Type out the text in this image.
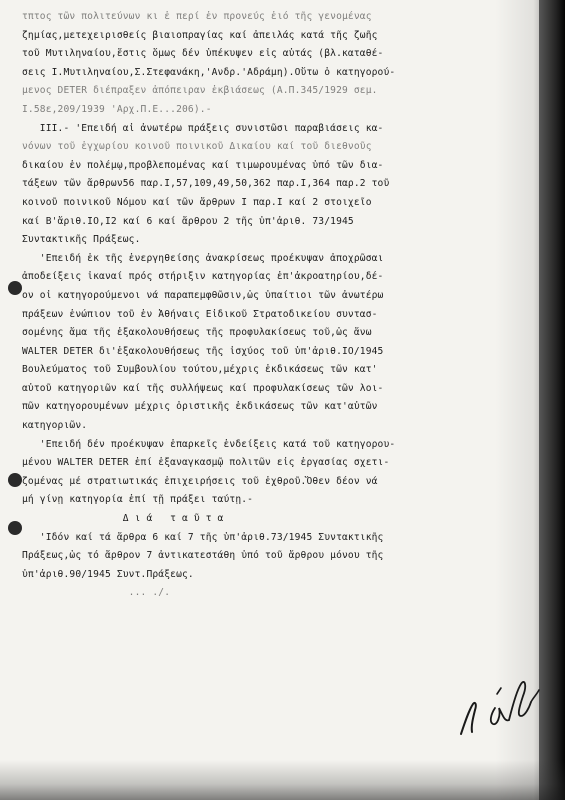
τπτος τῶν πολιτεύνων κι ἐ περί ἐν προνεύς ἐιό τῆς γενομένας
ζημίας,μετεχειρισθείς βιαιοπραγίας καί ἀπειλάς κατά τῆς ζωῆς
τοῦ Μυτιληναίου,ἔστις ὅμως δέν ὑπέκυψεν εἰς αὐτάς (βλ.καταθέ-
σεις Ι.Μυτιληναίου,Σ.Στεφανάκη,'Ανδρ.'Αδράμη).Οὕτω ὁ κατηγορού-
μενος DETER διέπραξεν ἀπόπειραν ἐκβιάσεως (Α.Π.345/1929 σεμ.
Ι.58ε,209/1939 'Αρχ.Π.Ε...206).-
ΙΙΙ.- 'Επειδή αἱ ἀνωτέρω πράξεις συνιστῶσι παραβιάσεις κα-
νόνων τοῦ ἐγχωρίου κοινοῦ ποινικοῦ Δικαίου καί τοῦ διεθνοῦς
δικαίου ἐν πολέμῳ,προβλεπομένας καί τιμωρουμένας ὑπό τῶν δια-
τάξεων τῶν ἄρθρων56 παρ.Ι,57,109,49,50,362 παρ.Ι,364 παρ.2 τοῦ
κοινοῦ ποινικοῦ Νόμου καί τῶν ἄρθρων Ι παρ.Ι καί 2 στοιχεῖο
καί Β'ἄριθ.ΙΟ,Ι2 καί 6 καί ἄρθρου 2 τῆς ὑπ'ἀριθ. 73/1945
Συντακτικῆς Πράξεως.
'Επειδή ἐκ τῆς ἐνεργηθείσης ἀνακρίσεως προέκυψαν ἀποχρῶσαι
ἀποδείξεις ἱκαναί πρός στήριξιν κατηγορίας ἐπ'ἀκροατηρίου,δέ-
ον οἱ κατηγορούμενοι νά παραπεμφθῶσιν,ὡς ὑπαίτιοι τῶν ἀνωτέρω
πράξεων ἐνώπιον τοῦ ἐν Ἀθήναις Εἰδικοῦ Στρατοδικείου συντασ-
σομένης ἅμα τῆς ἐξακολουθήσεως τῆς προφυλακίσεως τοῦ,ὡς ἄνω
WALTER DETER δι'ἐξακολουθήσεως τῆς ἰσχύος τοῦ ὑπ'ἀριθ.ΙΟ/1945
Βουλεύματος τοῦ Συμβουλίου τούτου,μέχρις ἐκδικάσεως τῶν κατ'
αὐτοῦ κατηγοριῶν καί τῆς συλλήψεως καί προφυλακίσεως τῶν λοι-
πῶν κατηγορουμένων μέχρις ὁριστικῆς ἐκδικάσεως τῶν κατ'αὐτῶν
κατηγοριῶν.
'Επειδή δέν προέκυψαν ἐπαρκεῖς ἐνδείξεις κατά τοῦ κατηγορου-
μένου WALTER DETER ἐπί ἐξαναγκασμῷ πολιτῶν εἰς ἐργασίας σχετι-
ζομένας μέ στρατιωτικάς ἐπιχειρήσεις τοῦ ἐχθροῦ.Ὅθεν δέον νά
μή γίνῃ κατηγορία ἐπί τῇ πράξει ταύτῃ.-
Δ ι ά   τ α ῦ τ α
'Ιδόν καί τά ἄρθρα 6 καί 7 τῆς ὑπ'ἀριθ.73/1945 Συντακτικῆς
Πράξεως,ὡς τό ἄρθρον 7 ἀντικατεστάθη ὑπό τοῦ ἄρθρου μόνου τῆς
ὑπ'ἀριθ.90/1945 Συντ.Πράξεως.
... ./.
